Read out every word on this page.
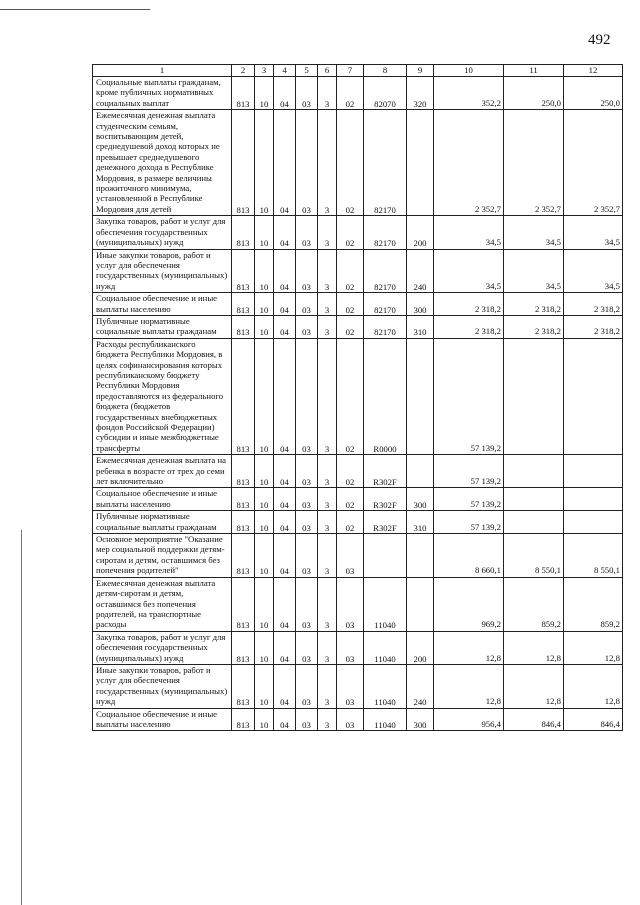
492
1	2	3	4	5	6	7	8	9	10	11	12
Социальные выплаты гражданам, кроме публичных нормативных социальных выплат	813	10	04	03	3	02	82070	320	352,2	250,0	250,0
Ежемесячная денежная выплата студенческим семьям, воспитывающим детей, среднедушевой доход которых не превышает среднедушевого денежного дохода в Республике Мордовия, в размере величины прожиточного минимума, установленной в Республике Мордовия для детей	813	10	04	03	3	02	82170		2 352,7	2 352,7	2 352,7
Закупка товаров, работ и услуг для обеспечения государственных (муниципальных) нужд	813	10	04	03	3	02	82170	200	34,5	34,5	34,5
Иные закупки товаров, работ и услуг для обеспечения государственных (муниципальных) нужд	813	10	04	03	3	02	82170	240	34,5	34,5	34,5
Социальное обеспечение и иные выплаты населению	813	10	04	03	3	02	82170	300	2 318,2	2 318,2	2 318,2
Публичные нормативные социальные выплаты гражданам	813	10	04	03	3	02	82170	310	2 318,2	2 318,2	2 318,2
Расходы республиканского бюджета Республики Мордовия, в целях софинансирования которых республиканскому бюджету Республики Мордовия предоставляются из федерального бюджета (бюджетов государственных внебюджетных фондов Российской Федерации) субсидии и иные межбюджетные трансферты	813	10	04	03	3	02	R0000		57 139,2		
Ежемесячная денежная выплата на ребенка в возрасте от трех до семи лет включительно	813	10	04	03	3	02	R302F		57 139,2		
Социальное обеспечение и иные выплаты населению	813	10	04	03	3	02	R302F	300	57 139,2		
Публичные нормативные социальные выплаты гражданам	813	10	04	03	3	02	R302F	310	57 139,2		
Основное мероприятие "Оказание мер социальной поддержки детям-сиротам и детям, оставшимся без попечения родителей"	813	10	04	03	3	03			8 660,1	8 550,1	8 550,1
Ежемесячная денежная выплата детям-сиротам и детям, оставшимся без попечения родителей, на транспортные расходы	813	10	04	03	3	03	11040		969,2	859,2	859,2
Закупка товаров, работ и услуг для обеспечения государственных (муниципальных) нужд	813	10	04	03	3	03	11040	200	12,8	12,8	12,8
Иные закупки товаров, работ и услуг для обеспечения государственных (муниципальных) нужд	813	10	04	03	3	03	11040	240	12,8	12,8	12,8
Социальное обеспечение и иные выплаты населению	813	10	04	03	3	03	11040	300	956,4	846,4	846,4
